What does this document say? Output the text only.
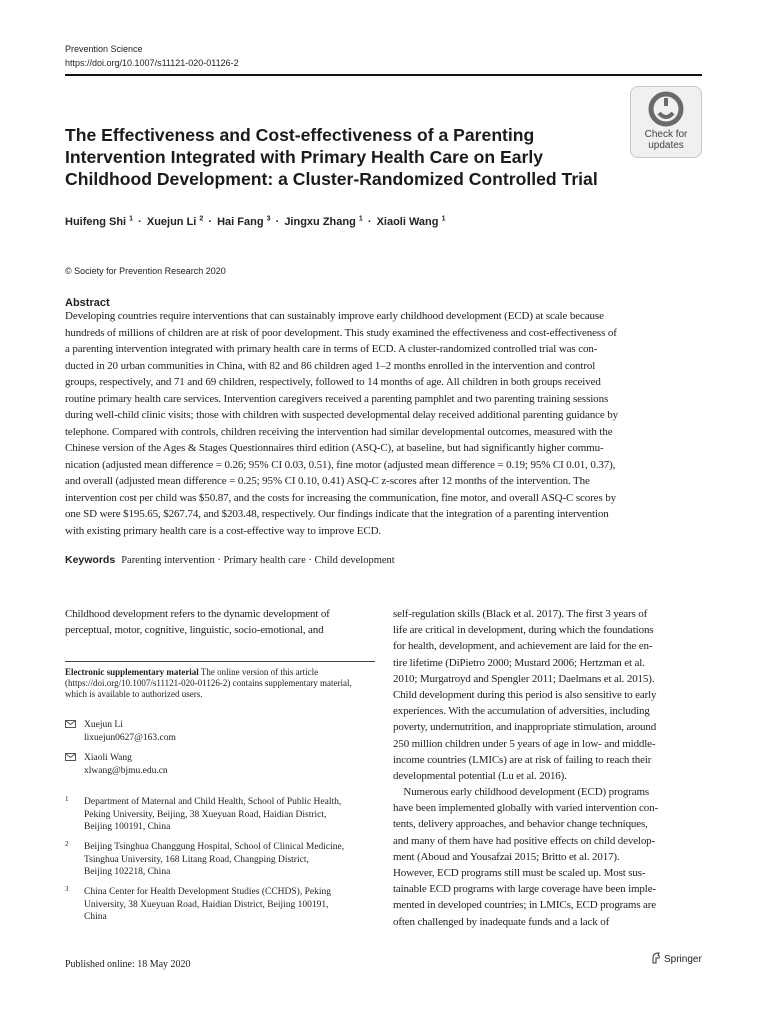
Prevention Science
https://doi.org/10.1007/s11121-020-01126-2
Check for
updates
The Effectiveness and Cost-effectiveness of a Parenting Intervention Integrated with Primary Health Care on Early Childhood Development: a Cluster-Randomized Controlled Trial
Huifeng Shi $^1$ · Xuejun Li $^2$ · Hai Fang $^3$ · Jingxu Zhang $^1$ · Xiaoli Wang $^1$
© Society for Prevention Research 2020
Abstract
Developing countries require interventions that can sustainably improve early childhood development (ECD) at scale because
hundreds of millions of children are at risk of poor development. This study examined the effectiveness and cost-effectiveness of
a parenting intervention integrated with primary health care in terms of ECD. A cluster-randomized controlled trial was con-
ducted in 20 urban communities in China, with 82 and 86 children aged 1–2 months enrolled in the intervention and control
groups, respectively, and 71 and 69 children, respectively, followed to 14 months of age. All children in both groups received
routine primary health care services. Intervention caregivers received a parenting pamphlet and two parenting training sessions
during well-child clinic visits; those with children with suspected developmental delay received additional parenting guidance by
telephone. Compared with controls, children receiving the intervention had similar developmental outcomes, measured with the
Chinese version of the Ages & Stages Questionnaires third edition (ASQ-C), at baseline, but had significantly higher commu-
nication (adjusted mean difference = 0.26; 95% CI 0.03, 0.51), fine motor (adjusted mean difference = 0.19; 95% CI 0.01, 0.37),
and overall (adjusted mean difference = 0.25; 95% CI 0.10, 0.41) ASQ-C z-scores after 12 months of the intervention. The
intervention cost per child was $50.87, and the costs for increasing the communication, fine motor, and overall ASQ-C scores by
one SD were $195.65, $267.74, and $203.48, respectively. Our findings indicate that the integration of a parenting intervention
with existing primary health care is a cost-effective way to improve ECD.
Keywords Parenting intervention · Primary health care · Child development
Childhood development refers to the dynamic development of
perceptual, motor, cognitive, linguistic, socio-emotional, and
Electronic supplementary material The online version of this article (https://doi.org/10.1007/s11121-020-01126-2) contains supplementary material, which is available to authorized users.
Xuejun Li
lixuejun0627@163.com
Xiaoli Wang
xlwang@bjmu.edu.cn
1 Department of Maternal and Child Health, School of Public Health,
Peking University, Beijing, 38 Xueyuan Road, Haidian District,
Beijing 100191, China
2 Beijing Tsinghua Changgung Hospital, School of Clinical Medicine,
Tsinghua University, 168 Litang Road, Changping District,
Beijing 102218, China
3 China Center for Health Development Studies (CCHDS), Peking
University, 38 Xueyuan Road, Haidian District, Beijing 100191,
China
self-regulation skills (Black et al. 2017). The first 3 years of
life are critical in development, during which the foundations
for health, development, and achievement are laid for the en-
tire lifetime (DiPietro 2000; Mustard 2006; Hertzman et al.
2010; Murgatroyd and Spengler 2011; Daelmans et al. 2015).
Child development during this period is also sensitive to early
experiences. With the accumulation of adversities, including
poverty, undernutrition, and inappropriate stimulation, around
250 million children under 5 years of age in low- and middle-
income countries (LMICs) are at risk of failing to reach their
developmental potential (Lu et al. 2016).
Numerous early childhood development (ECD) programs
have been implemented globally with varied intervention con-
tents, delivery approaches, and behavior change techniques,
and many of them have had positive effects on child develop-
ment (Aboud and Yousafzai 2015; Britto et al. 2017).
However, ECD programs still must be scaled up. Most sus-
tainable ECD programs with large coverage have been imple-
mented in developed countries; in LMICs, ECD programs are
often challenged by inadequate funds and a lack of
Published online: 18 May 2020	Springer
